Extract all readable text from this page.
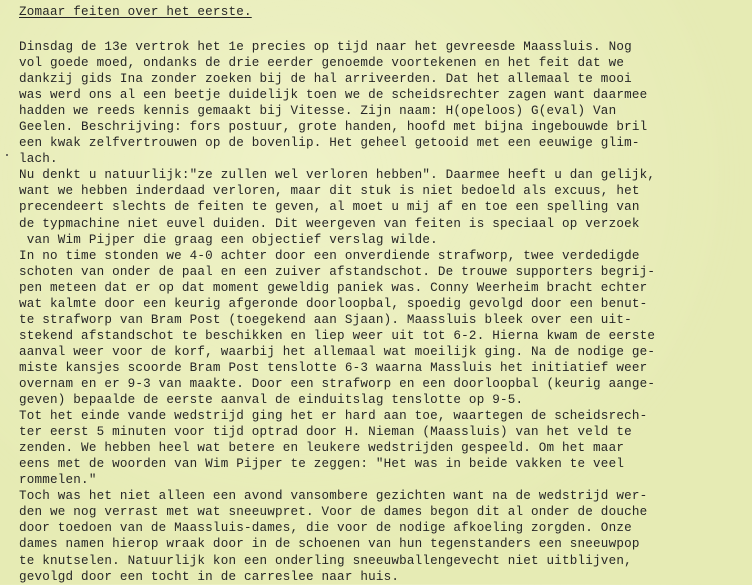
Zomaar feiten over het eerste.
Dinsdag de 13e vertrok het 1e precies op tijd naar het gevreesde Maassluis. Nog
vol goede moed, ondanks de drie eerder genoemde voortekenen en het feit dat we
dankzij gids Ina zonder zoeken bij de hal arriveerden. Dat het allemaal te mooi
was werd ons al een beetje duidelijk toen we de scheidsrechter zagen want daarmee
hadden we reeds kennis gemaakt bij Vitesse. Zijn naam: H(opeloos) G(eval) Van
Geelen. Beschrijving: fors postuur, grote handen, hoofd met bijna ingebouwde bril
een kwak zelfvertrouwen op de bovenlip. Het geheel getooid met een eeuwige glim-
lach.
Nu denkt u natuurlijk:"ze zullen wel verloren hebben". Daarmee heeft u dan gelijk,
want we hebben inderdaad verloren, maar dit stuk is niet bedoeld als excuus, het
precendeert slechts de feiten te geven, al moet u mij af en toe een spelling van
de typmachine niet euvel duiden. Dit weergeven van feiten is speciaal op verzoek
van Wim Pijper die graag een objectief verslag wilde.
In no time stonden we 4-0 achter door een onverdiende strafworp, twee verdedigde
schoten van onder de paal en een zuiver afstandschot. De trouwe supporters begrij-
pen meteen dat er op dat moment geweldig paniek was. Conny Weerheim bracht echter
wat kalmte door een keurig afgeronde doorloopbal, spoedig gevolgd door een benut-
te strafworp van Bram Post (toegekend aan Sjaan). Maassluis bleek over een uit-
stekend afstandschot te beschikken en liep weer uit tot 6-2. Hierna kwam de eerste
aanval weer voor de korf, waarbij het allemaal wat moeilijk ging. Na de nodige ge-
miste kansjes scoorde Bram Post tenslotte 6-3 waarna Massluis het initiatief weer
overnam en er 9-3 van maakte. Door een strafworp en een doorloopbal (keurig aange-
geven) bepaalde de eerste aanval de einduitslag tenslotte op 9-5.
Tot het einde vande wedstrijd ging het er hard aan toe, waartegen de scheidsrech-
ter eerst 5 minuten voor tijd optrad door H. Nieman (Maassluis) van het veld te
zenden. We hebben heel wat betere en leukere wedstrijden gespeeld. Om het maar
eens met de woorden van Wim Pijper te zeggen: "Het was in beide vakken te veel
rommelen."
Toch was het niet alleen een avond vansombere gezichten want na de wedstrijd wer-
den we nog verrast met wat sneeuwpret. Voor de dames begon dit al onder de douche
door toedoen van de Maassluis-dames, die voor de nodige afkoeling zorgden. Onze
dames namen hierop wraak door in de schoenen van hun tegenstanders een sneeuwpop
te knutselen. Natuurlijk kon een onderling sneeuwballengevecht niet uitblijven,
gevolgd door een tocht in de carreslee naar huis.
